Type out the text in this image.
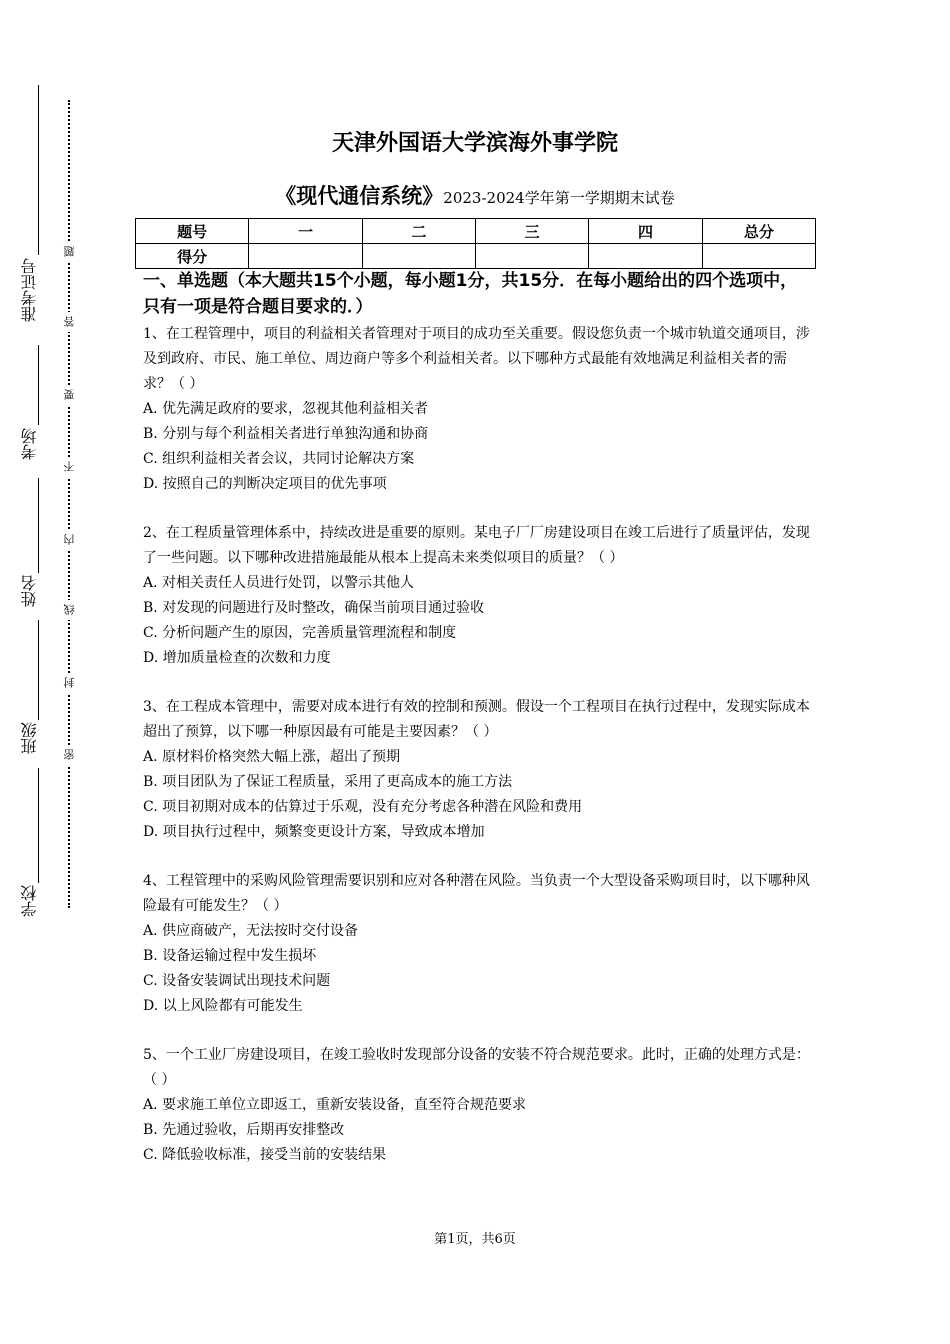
准考证号
考场
姓名
班级
学校
题
答
要
不
内
线
封
密
天津外国语大学滨海外事学院
《现代通信系统》2023-2024学年第一学期期末试卷
题号	一	二	三	四	总分
得分					
一、单选题（本大题共15个小题，每小题1分，共15分．在每小题给出的四个选项中，只有一项是符合题目要求的．）

1、在工程管理中，项目的利益相关者管理对于项目的成功至关重要。假设您负责一个城市轨道交通项目，涉及到政府、市民、施工单位、周边商户等多个利益相关者。以下哪种方式最能有效地满足利益相关者的需求？（ ）

A. 优先满足政府的要求，忽视其他利益相关者

B. 分别与每个利益相关者进行单独沟通和协商

C. 组织利益相关者会议，共同讨论解决方案

D. 按照自己的判断决定项目的优先事项

2、在工程质量管理体系中，持续改进是重要的原则。某电子厂厂房建设项目在竣工后进行了质量评估，发现了一些问题。以下哪种改进措施最能从根本上提高未来类似项目的质量？（ ）

A. 对相关责任人员进行处罚，以警示其他人

B. 对发现的问题进行及时整改，确保当前项目通过验收

C. 分析问题产生的原因，完善质量管理流程和制度

D. 增加质量检查的次数和力度

3、在工程成本管理中，需要对成本进行有效的控制和预测。假设一个工程项目在执行过程中，发现实际成本超出了预算，以下哪一种原因最有可能是主要因素？（ ）

A. 原材料价格突然大幅上涨，超出了预期

B. 项目团队为了保证工程质量，采用了更高成本的施工方法

C. 项目初期对成本的估算过于乐观，没有充分考虑各种潜在风险和费用

D. 项目执行过程中，频繁变更设计方案，导致成本增加

4、工程管理中的采购风险管理需要识别和应对各种潜在风险。当负责一个大型设备采购项目时，以下哪种风险最有可能发生？（ ）

A. 供应商破产，无法按时交付设备

B. 设备运输过程中发生损坏

C. 设备安装调试出现技术问题

D. 以上风险都有可能发生

5、一个工业厂房建设项目，在竣工验收时发现部分设备的安装不符合规范要求。此时，正确的处理方式是：（ ）

A. 要求施工单位立即返工，重新安装设备，直至符合规范要求

B. 先通过验收，后期再安排整改

C. 降低验收标准，接受当前的安装结果

第1页，共6页
